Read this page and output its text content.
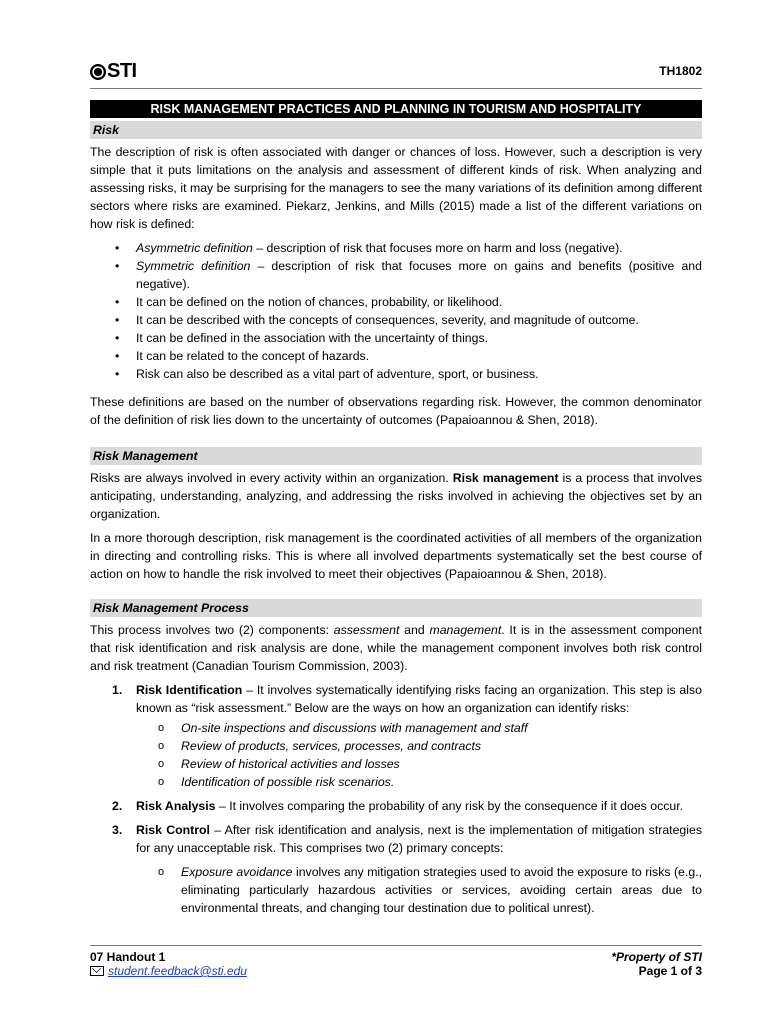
STI	TH1802
RISK MANAGEMENT PRACTICES AND PLANNING IN TOURISM AND HOSPITALITY
Risk

The description of risk is often associated with danger or chances of loss. However, such a description is very simple that it puts limitations on the analysis and assessment of different kinds of risk. When analyzing and assessing risks, it may be surprising for the managers to see the many variations of its definition among different sectors where risks are examined. Piekarz, Jenkins, and Mills (2015) made a list of the different variations on how risk is defined:

• Asymmetric definition – description of risk that focuses more on harm and loss (negative).
• Symmetric definition – description of risk that focuses more on gains and benefits (positive and negative).
• It can be defined on the notion of chances, probability, or likelihood.
• It can be described with the concepts of consequences, severity, and magnitude of outcome.
• It can be defined in the association with the uncertainty of things.
• It can be related to the concept of hazards.
• Risk can also be described as a vital part of adventure, sport, or business.

These definitions are based on the number of observations regarding risk. However, the common denominator of the definition of risk lies down to the uncertainty of outcomes (Papaioannou & Shen, 2018).

Risk Management

Risks are always involved in every activity within an organization. Risk management is a process that involves anticipating, understanding, analyzing, and addressing the risks involved in achieving the objectives set by an organization.

In a more thorough description, risk management is the coordinated activities of all members of the organization in directing and controlling risks. This is where all involved departments systematically set the best course of action on how to handle the risk involved to meet their objectives (Papaioannou & Shen, 2018).

Risk Management Process

This process involves two (2) components: assessment and management. It is in the assessment component that risk identification and risk analysis are done, while the management component involves both risk control and risk treatment (Canadian Tourism Commission, 2003).

1. Risk Identification – It involves systematically identifying risks facing an organization. This step is also known as “risk assessment.” Below are the ways on how an organization can identify risks:
o On-site inspections and discussions with management and staff
o Review of products, services, processes, and contracts
o Review of historical activities and losses
o Identification of possible risk scenarios.
2. Risk Analysis – It involves comparing the probability of any risk by the consequence if it does occur.
3. Risk Control – After risk identification and analysis, next is the implementation of mitigation strategies for any unacceptable risk. This comprises two (2) primary concepts:
o Exposure avoidance involves any mitigation strategies used to avoid the exposure to risks (e.g., eliminating particularly hazardous activities or services, avoiding certain areas due to environmental threats, and changing tour destination due to political unrest).
07 Handout 1
student.feedback@sti.edu
*Property of STI
Page 1 of 3
